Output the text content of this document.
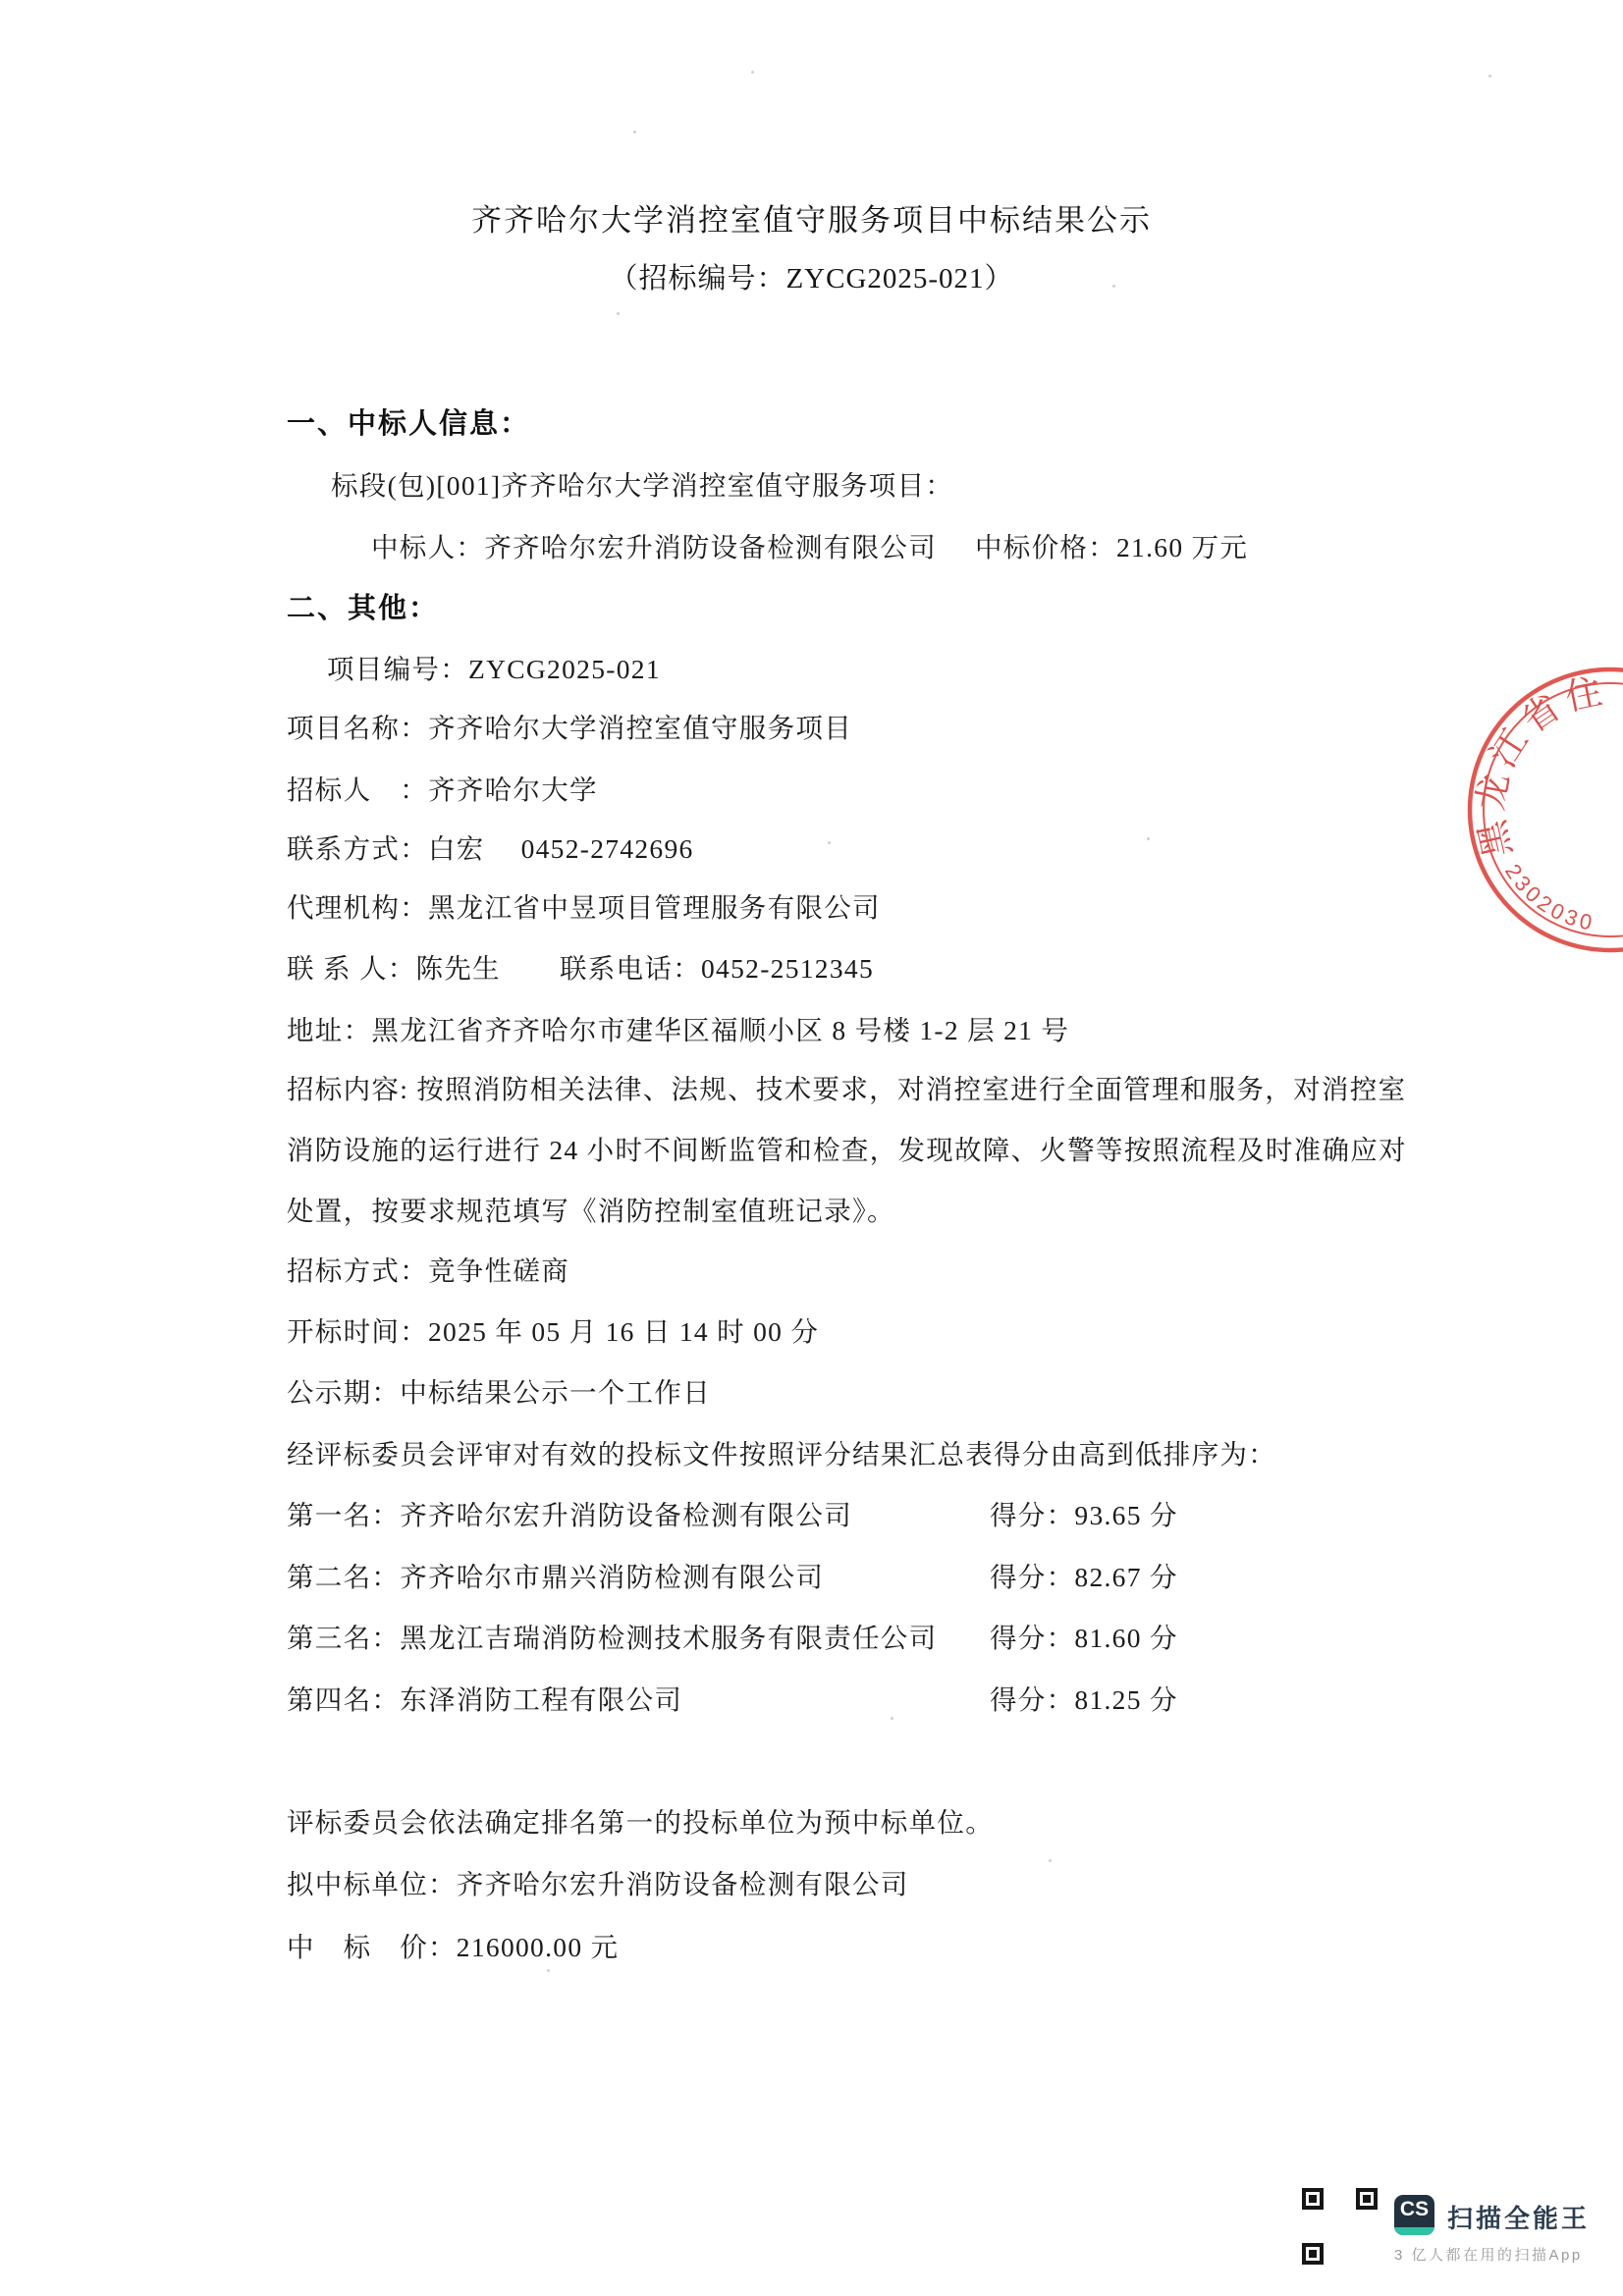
齐齐哈尔大学消控室值守服务项目中标结果公示
（招标编号：ZYCG2025-021）
一、中标人信息：
标段(包)[001]齐齐哈尔大学消控室值守服务项目：
中标人：齐齐哈尔宏升消防设备检测有限公司 中标价格：21.60 万元
二、其他：
项目编号：ZYCG2025-021
项目名称：齐齐哈尔大学消控室值守服务项目
招标人　：齐齐哈尔大学
联系方式：白宏　 0452-2742696
代理机构：黑龙江省中昱项目管理服务有限公司
联 系 人：陈先生 联系电话：0452-2512345
地址：黑龙江省齐齐哈尔市建华区福顺小区 8 号楼 1-2 层 21 号
招标内容: 按照消防相关法律、法规、技术要求，对消控室进行全面管理和服务，对消控室
消防设施的运行进行 24 小时不间断监管和检查，发现故障、火警等按照流程及时准确应对
处置，按要求规范填写《消防控制室值班记录》。
招标方式：竞争性磋商
开标时间：2025 年 05 月 16 日 14 时 00 分
公示期：中标结果公示一个工作日
经评标委员会评审对有效的投标文件按照评分结果汇总表得分由高到低排序为：
第一名：齐齐哈尔宏升消防设备检测有限公司	得分：93.65 分
第二名：齐齐哈尔市鼎兴消防检测有限公司	得分：82.67 分
第三名：黑龙江吉瑞消防检测技术服务有限责任公司 得分：81.60 分
第四名：东泽消防工程有限公司	得分：81.25 分
评标委员会依法确定排名第一的投标单位为预中标单位。
拟中标单位：齐齐哈尔宏升消防设备检测有限公司
中　标　价：216000.00 元
黑龙江省住
2302030
CS 扫描全能王
3 亿人都在用的扫描App
